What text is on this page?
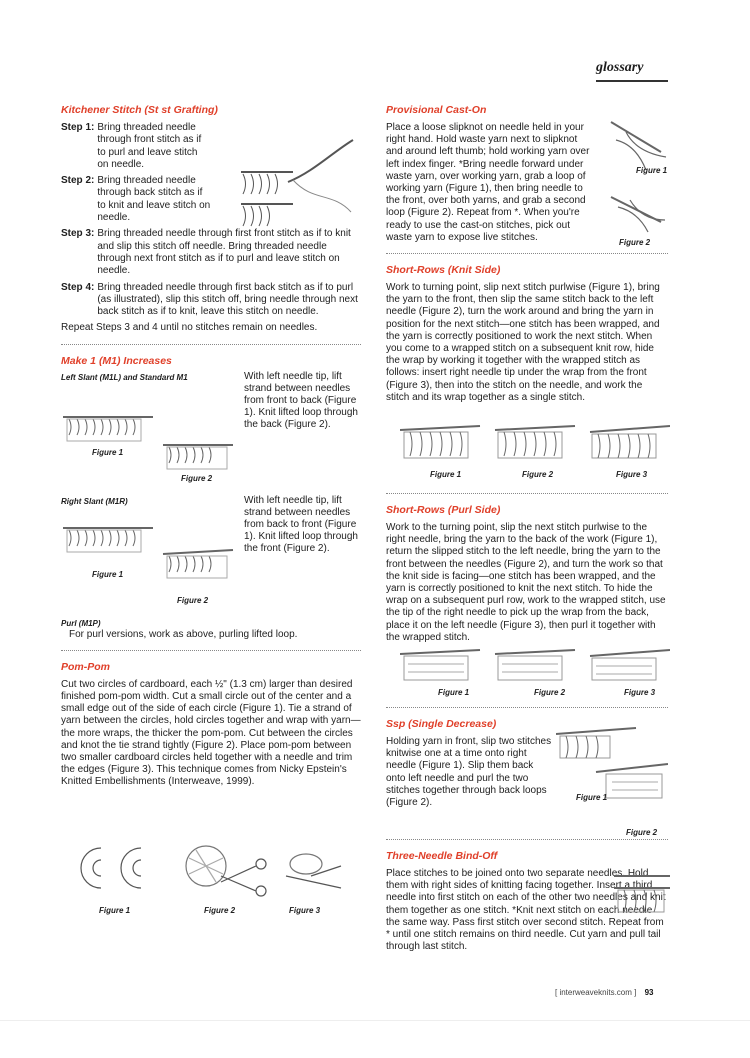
glossary
Kitchener Stitch (St st Grafting)
Step 1: Bring threaded needle through front stitch as if to purl and leave stitch on needle.
Step 2: Bring threaded needle through back stitch as if to knit and leave stitch on needle.
Step 3: Bring threaded needle through first front stitch as if to knit and slip this stitch off needle. Bring threaded needle through next front stitch as if to purl and leave stitch on needle.
Step 4: Bring threaded needle through first back stitch as if to purl (as illustrated), slip this stitch off, bring needle through next back stitch as if to knit, leave this stitch on needle.
Repeat Steps 3 and 4 until no stitches remain on needles.
Make 1 (M1) Increases
Left Slant (M1L) and Standard M1	With left needle tip, lift strand between needles from front to back (Figure 1). Knit lifted loop through the back (Figure 2).
Figure 1
Figure 2
Right Slant (M1R)	With left needle tip, lift strand between needles from back to front (Figure 1). Knit lifted loop through the front (Figure 2).
Figure 1
Figure 2
Purl (M1P)
For purl versions, work as above, purling lifted loop.
Pom-Pom
Cut two circles of cardboard, each ½" (1.3 cm) larger than desired finished pom-pom width. Cut a small circle out of the center and a small edge out of the side of each circle (Figure 1). Tie a strand of yarn between the circles, hold circles together and wrap with yarn—the more wraps, the thicker the pom-pom. Cut between the circles and knot the tie strand tightly (Figure 2). Place pom-pom between two smaller cardboard circles held together with a needle and trim the edges (Figure 3). This technique comes from Nicky Epstein's Knitted Embellishments (Interweave, 1999).
Figure 1	Figure 2	Figure 3
Provisional Cast-On
Place a loose slipknot on needle held in your right hand. Hold waste yarn next to slipknot and around left thumb; hold working yarn over left index finger. *Bring needle forward under waste yarn, over working yarn, grab a loop of working yarn (Figure 1), then bring needle to the front, over both yarns, and grab a second loop (Figure 2). Repeat from *. When you're ready to use the cast-on stitches, pick out waste yarn to expose live stitches.
Figure 1
Figure 2
Short-Rows (Knit Side)
Work to turning point, slip next stitch purlwise (Figure 1), bring the yarn to the front, then slip the same stitch back to the left needle (Figure 2), turn the work around and bring the yarn in position for the next stitch—one stitch has been wrapped, and the yarn is correctly positioned to work the next stitch. When you come to a wrapped stitch on a subsequent knit row, hide the wrap by working it together with the wrapped stitch as follows: insert right needle tip under the wrap from the front (Figure 3), then into the stitch on the needle, and work the stitch and its wrap together as a single stitch.
Figure 1	Figure 2	Figure 3
Short-Rows (Purl Side)
Work to the turning point, slip the next stitch purlwise to the right needle, bring the yarn to the back of the work (Figure 1), return the slipped stitch to the left needle, bring the yarn to the front between the needles (Figure 2), and turn the work so that the knit side is facing—one stitch has been wrapped, and the yarn is correctly positioned to knit the next stitch. To hide the wrap on a subsequent purl row, work to the wrapped stitch, use the tip of the right needle to pick up the wrap from the back, place it on the left needle (Figure 3), then purl it together with the wrapped stitch.
Figure 1	Figure 2	Figure 3
Ssp (Single Decrease)
Holding yarn in front, slip two stitches knitwise one at a time onto right needle (Figure 1). Slip them back onto left needle and purl the two stitches together through back loops (Figure 2).	Figure 1
Figure 2
Three-Needle Bind-Off
Place stitches to be joined onto two separate needles. Hold them with right sides of knitting facing together. Insert a third needle into first stitch on each of the other two needles and knit them together as one stitch. *Knit next stitch on each needle the same way. Pass first stitch over second stitch. Repeat from * until one stitch remains on third needle. Cut yarn and pull tail through last stitch.
[ interweaveknits.com ] 93
